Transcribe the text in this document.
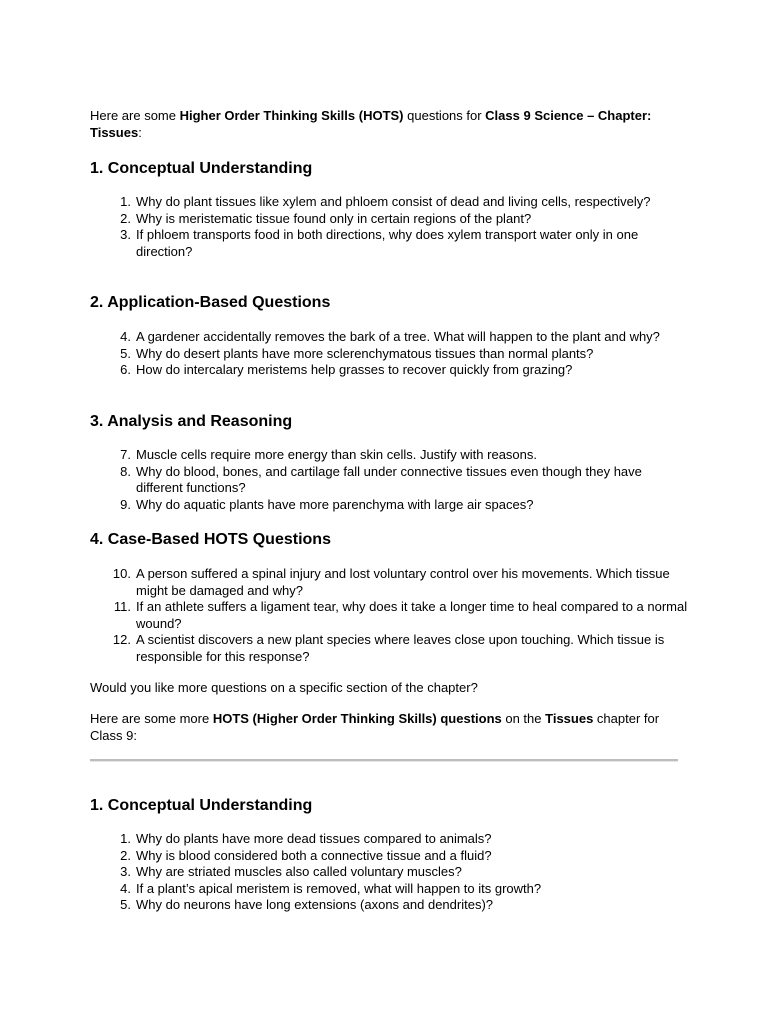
Here are some Higher Order Thinking Skills (HOTS) questions for Class 9 Science – Chapter: Tissues:

1. Conceptual Understanding
1. Why do plant tissues like xylem and phloem consist of dead and living cells, respectively?
2. Why is meristematic tissue found only in certain regions of the plant?
3. If phloem transports food in both directions, why does xylem transport water only in one direction?
2. Application-Based Questions
4. A gardener accidentally removes the bark of a tree. What will happen to the plant and why?
5. Why do desert plants have more sclerenchymatous tissues than normal plants?
6. How do intercalary meristems help grasses to recover quickly from grazing?
3. Analysis and Reasoning
7. Muscle cells require more energy than skin cells. Justify with reasons.
8. Why do blood, bones, and cartilage fall under connective tissues even though they have different functions?
9. Why do aquatic plants have more parenchyma with large air spaces?
4. Case-Based HOTS Questions
10. A person suffered a spinal injury and lost voluntary control over his movements. Which tissue might be damaged and why?
11. If an athlete suffers a ligament tear, why does it take a longer time to heal compared to a normal wound?
12. A scientist discovers a new plant species where leaves close upon touching. Which tissue is responsible for this response?

Would you like more questions on a specific section of the chapter?

Here are some more HOTS (Higher Order Thinking Skills) questions on the Tissues chapter for Class 9:

1. Conceptual Understanding
1. Why do plants have more dead tissues compared to animals?
2. Why is blood considered both a connective tissue and a fluid?
3. Why are striated muscles also called voluntary muscles?
4. If a plant’s apical meristem is removed, what will happen to its growth?
5. Why do neurons have long extensions (axons and dendrites)?
